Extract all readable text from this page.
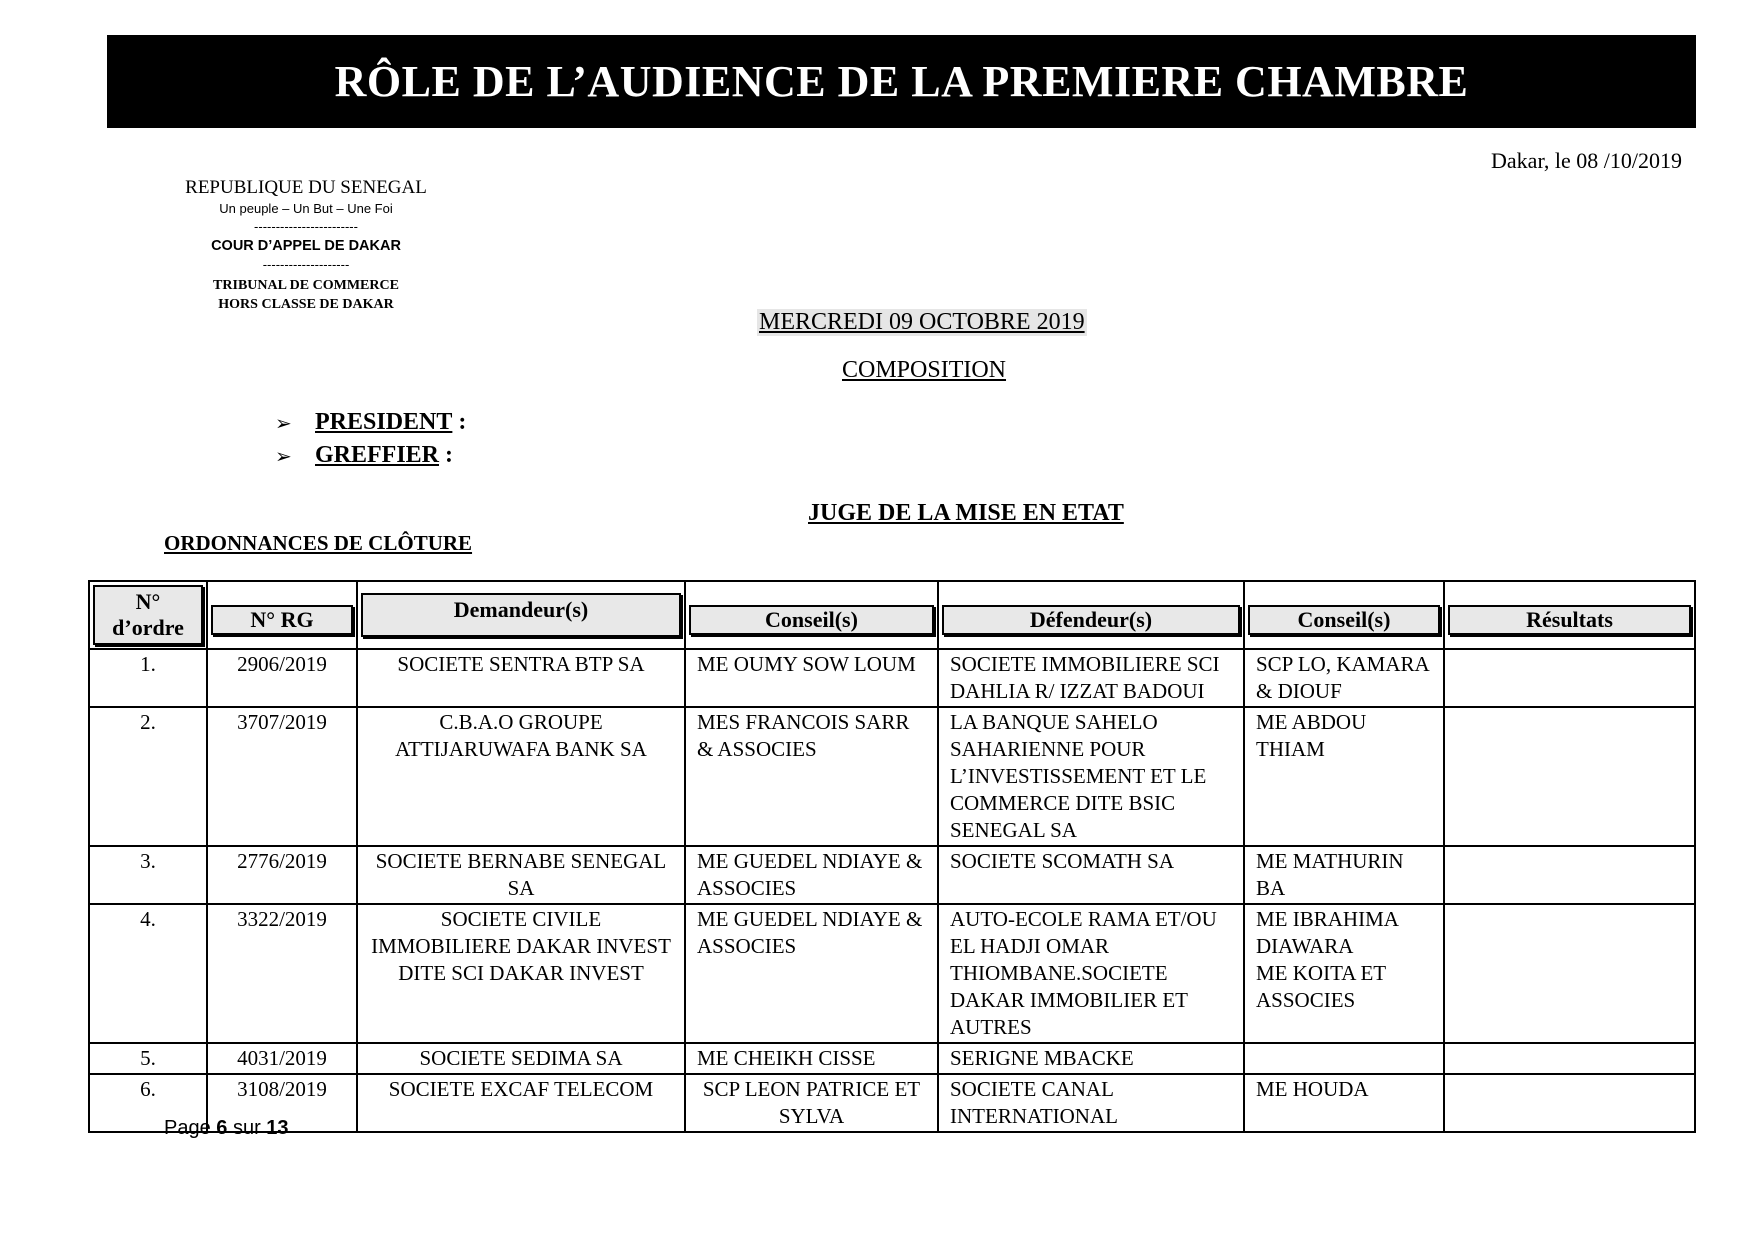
RÔLE DE L’AUDIENCE DE LA PREMIERE CHAMBRE
Dakar, le 08 /10/2019
REPUBLIQUE DU SENEGAL
Un peuple – Un But – Une Foi
------------------------
COUR D’APPEL DE DAKAR
--------------------
TRIBUNAL DE COMMERCE
HORS CLASSE DE DAKAR
MERCREDI 09 OCTOBRE 2019
COMPOSITION
➢ PRESIDENT :
➢ GREFFIER :
JUGE DE LA MISE EN ETAT
ORDONNANCES DE CLÔTURE
N°
d’ordre	N° RG	Demandeur(s)	Conseil(s)	Défendeur(s)	Conseil(s)	Résultats

1.	2906/2019	SOCIETE SENTRA BTP SA	ME OUMY SOW LOUM	SOCIETE IMMOBILIERE SCI DAHLIA R/ IZZAT BADOUI	SCP LO, KAMARA & DIOUF	
2.	3707/2019	C.B.A.O GROUPE ATTIJARUWAFA BANK SA	MES FRANCOIS SARR & ASSOCIES	LA BANQUE SAHELO SAHARIENNE POUR L’INVESTISSEMENT ET LE COMMERCE DITE BSIC SENEGAL SA	ME ABDOU THIAM	
3.	2776/2019	SOCIETE BERNABE SENEGAL SA	ME GUEDEL NDIAYE & ASSOCIES	SOCIETE SCOMATH SA	ME MATHURIN BA	
4.	3322/2019	SOCIETE CIVILE IMMOBILIERE DAKAR INVEST DITE SCI DAKAR INVEST	ME GUEDEL NDIAYE & ASSOCIES	AUTO-ECOLE RAMA ET/OU EL HADJI OMAR THIOMBANE.SOCIETE DAKAR IMMOBILIER ET AUTRES	ME IBRAHIMA DIAWARA
ME KOITA ET ASSOCIES	

5.	4031/2019	SOCIETE SEDIMA SA	ME CHEIKH CISSE	SERIGNE MBACKE		
6.	3108/2019	SOCIETE EXCAF TELECOM	SCP LEON PATRICE ET SYLVA	SOCIETE CANAL INTERNATIONAL	ME HOUDA	
Page 6 sur 13
